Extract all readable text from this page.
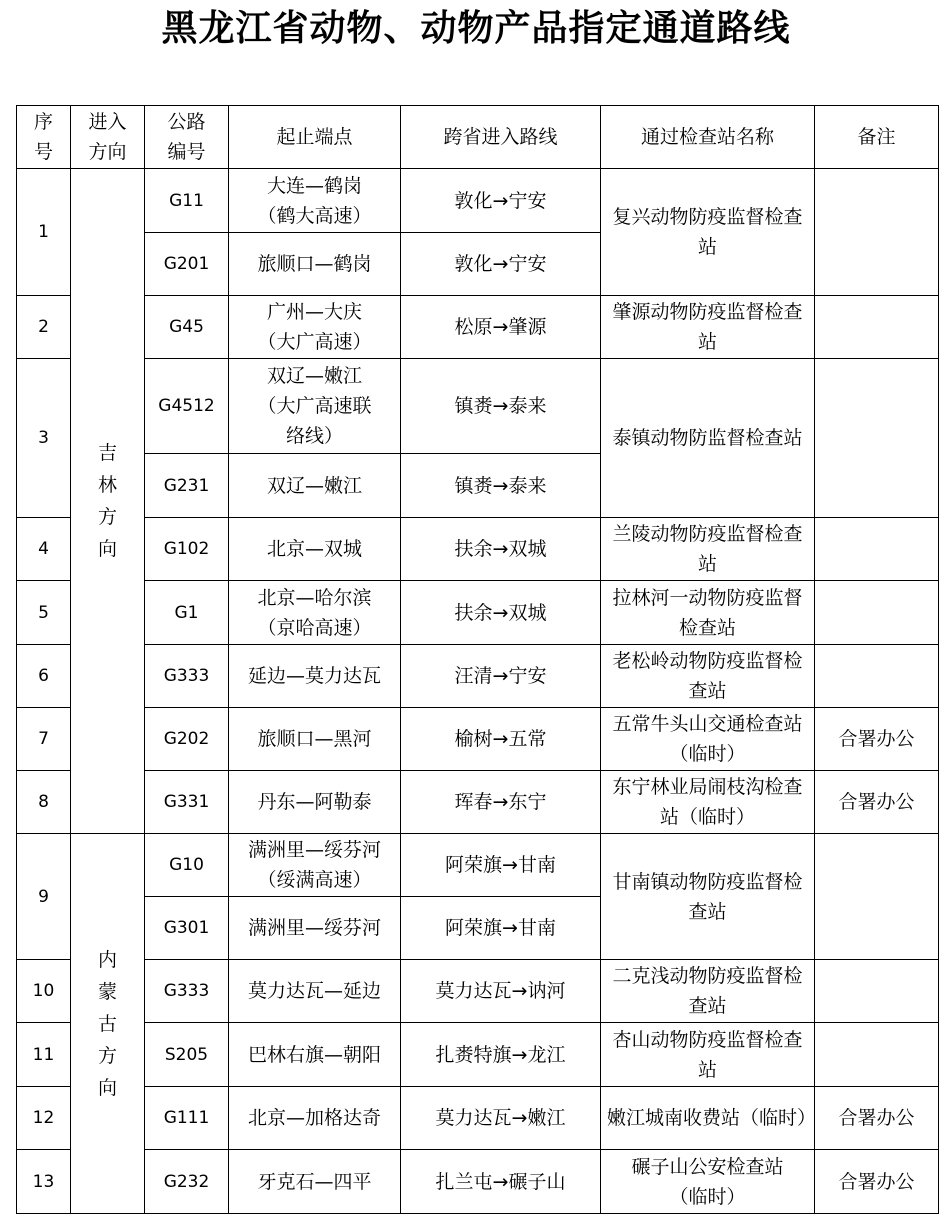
黑龙江省动物、动物产品指定通道路线
序号	进入方向	公路编号	起止端点	跨省进入路线	通过检查站名称	备注
1	吉林方向	G11	大连—鹤岗（鹤大高速）	敦化→宁安	复兴动物防疫监督检查站	
		G201	旅顺口—鹤岗	敦化→宁安		
2		G45	广州—大庆（大广高速）	松原→肇源	肇源动物防疫监督检查站	
3		G4512	双辽—嫩江（大广高速联络线）	镇赉→泰来	泰镇动物防监督检查站	
		G231	双辽—嫩江	镇赉→泰来		
4		G102	北京—双城	扶余→双城	兰陵动物防疫监督检查站	
5		G1	北京—哈尔滨（京哈高速）	扶余→双城	拉林河一动物防疫监督检查站	
6		G333	延边—莫力达瓦	汪清→宁安	老松岭动物防疫监督检查站	
7		G202	旅顺口—黑河	榆树→五常	五常牛头山交通检查站（临时）	合署办公
8		G331	丹东—阿勒泰	珲春→东宁	东宁林业局闹枝沟检查站（临时）	合署办公
9	内蒙古方向	G10	满洲里—绥芬河（绥满高速）	阿荣旗→甘南	甘南镇动物防疫监督检查站	
		G301	满洲里—绥芬河	阿荣旗→甘南		
10		G333	莫力达瓦—延边	莫力达瓦→讷河	二克浅动物防疫监督检查站	
11		S205	巴林右旗—朝阳	扎赉特旗→龙江	杏山动物防疫监督检查站	
12		G111	北京—加格达奇	莫力达瓦→嫩江	嫩江城南收费站（临时）	合署办公
13		G232	牙克石—四平	扎兰屯→碾子山	碾子山公安检查站（临时）	合署办公
